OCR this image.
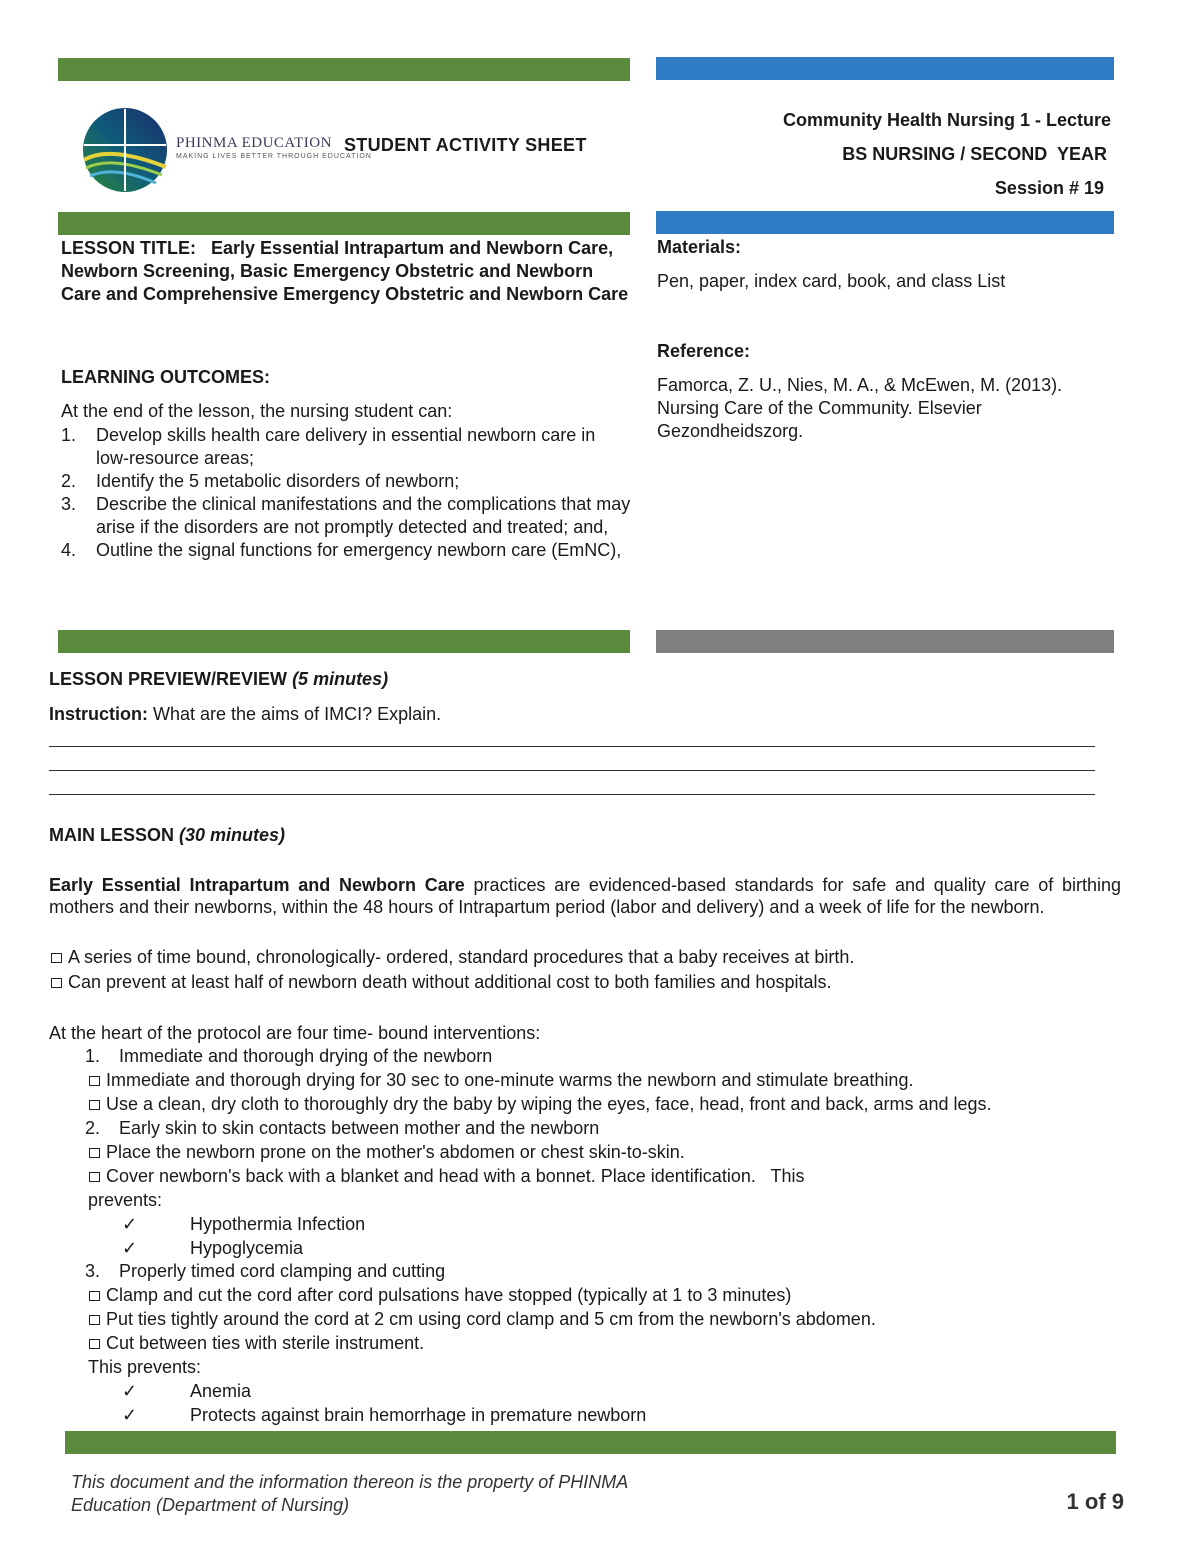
PHINMA EDUCATION
MAKING LIVES BETTER THROUGH EDUCATION
STUDENT ACTIVITY SHEET
Community Health Nursing 1 - Lecture
BS NURSING / SECOND  YEAR
Session # 19
LESSON TITLE: Early Essential Intrapartum and Newborn Care, Newborn Screening, Basic Emergency Obstetric and Newborn Care and Comprehensive Emergency Obstetric and Newborn Care
LEARNING OUTCOMES:
At the end of the lesson, the nursing student can:
1.	Develop skills health care delivery in essential newborn care in low-resource areas;
2.	Identify the 5 metabolic disorders of newborn;
3.	Describe the clinical manifestations and the complications that may arise if the disorders are not promptly detected and treated; and,
4.	Outline the signal functions for emergency newborn care (EmNC),
Materials:
Pen, paper, index card, book, and class List
Reference:
Famorca, Z. U., Nies, M. A., & McEwen, M. (2013). Nursing Care of the Community. Elsevier Gezondheidszorg.
LESSON PREVIEW/REVIEW (5 minutes)
Instruction: What are the aims of IMCI? Explain.
MAIN LESSON (30 minutes)
Early Essential Intrapartum and Newborn Care practices are evidenced-based standards for safe and quality care of birthing mothers and their newborns, within the 48 hours of Intrapartum period (labor and delivery) and a week of life for the newborn.
A series of time bound, chronologically- ordered, standard procedures that a baby receives at birth.
Can prevent at least half of newborn death without additional cost to both families and hospitals.
At the heart of the protocol are four time- bound interventions:
1. Immediate and thorough drying of the newborn
Immediate and thorough drying for 30 sec to one-minute warms the newborn and stimulate breathing.
Use a clean, dry cloth to thoroughly dry the baby by wiping the eyes, face, head, front and back, arms and legs.
2. Early skin to skin contacts between mother and the newborn
Place the newborn prone on the mother's abdomen or chest skin-to-skin.
Cover newborn's back with a blanket and head with a bonnet. Place identification.   This
prevents:
✓	Hypothermia Infection
✓	Hypoglycemia
3. Properly timed cord clamping and cutting
Clamp and cut the cord after cord pulsations have stopped (typically at 1 to 3 minutes)
Put ties tightly around the cord at 2 cm using cord clamp and 5 cm from the newborn's abdomen.
Cut between ties with sterile instrument.
This prevents:
✓	Anemia
✓	Protects against brain hemorrhage in premature newborn
This document and the information thereon is the property of PHINMA Education (Department of Nursing)	1 of 9
